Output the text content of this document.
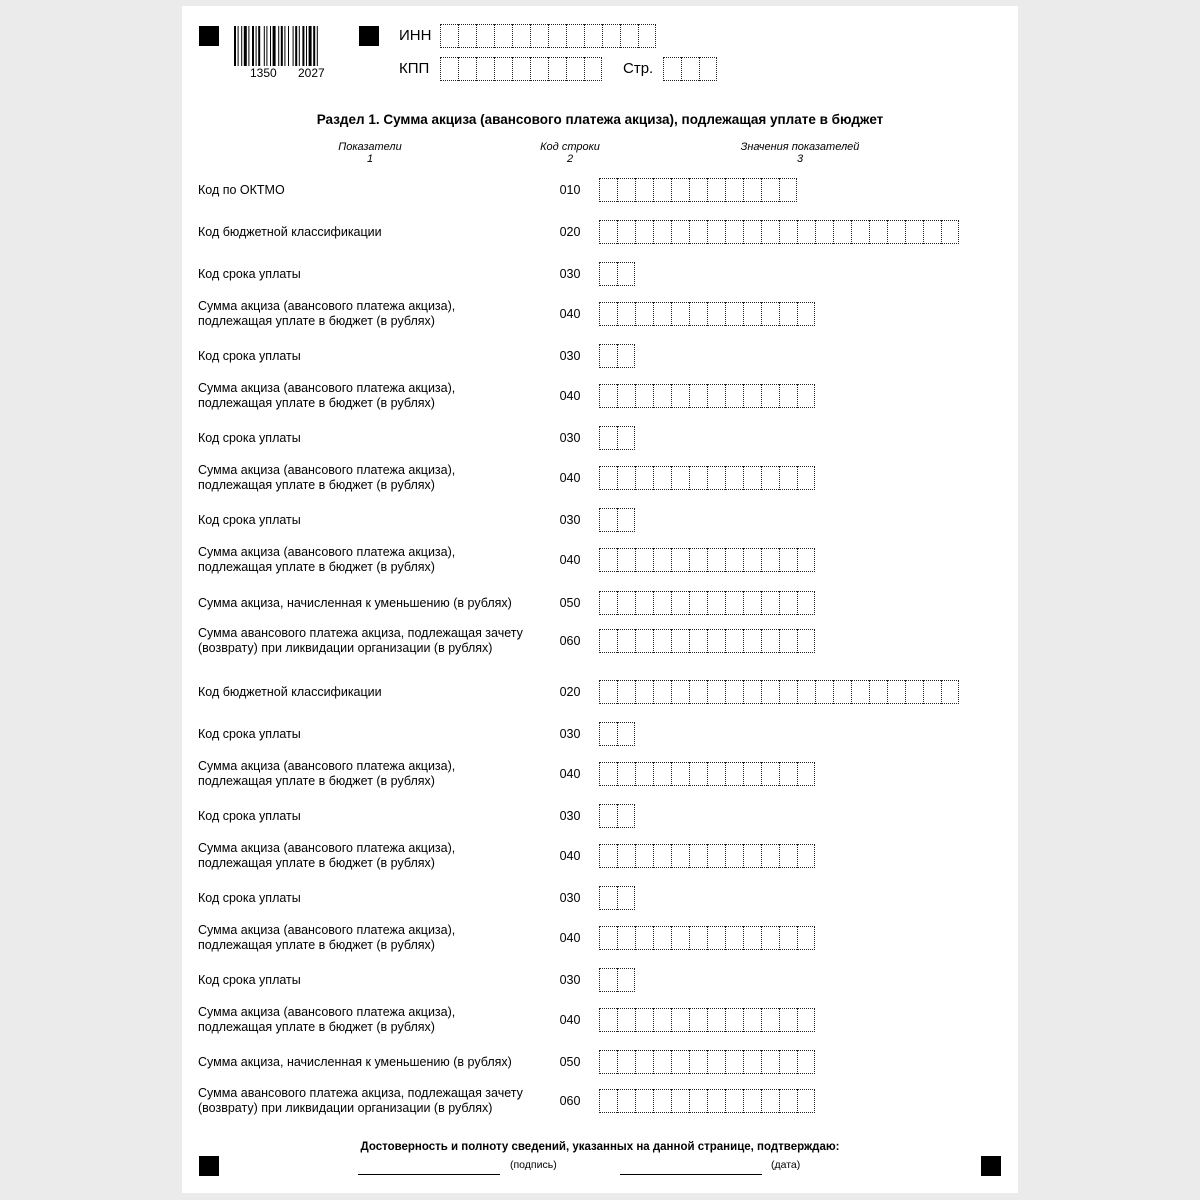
1350 2027
ИНН
КПП	Стр.
Раздел 1. Сумма акциза (авансового платежа акциза), подлежащая уплате в бюджет
Показатели
1
Код строки
2
Значения показателей
3
Код по ОКТМО	010
Код бюджетной классификации	020
Код срока уплаты	030
Сумма акциза (авансового платежа акциза),
подлежащая уплате в бюджет (в рублях)	040
Код срока уплаты	030
Сумма акциза (авансового платежа акциза),
подлежащая уплате в бюджет (в рублях)	040
Код срока уплаты	030
Сумма акциза (авансового платежа акциза),
подлежащая уплате в бюджет (в рублях)	040
Код срока уплаты	030
Сумма акциза (авансового платежа акциза),
подлежащая уплате в бюджет (в рублях)	040
Сумма акциза, начисленная к уменьшению (в рублях)	050
Сумма авансового платежа акциза, подлежащая зачету
(возврату) при ликвидации организации (в рублях)	060
Код бюджетной классификации	020
Код срока уплаты	030
Сумма акциза (авансового платежа акциза),
подлежащая уплате в бюджет (в рублях)	040
Код срока уплаты	030
Сумма акциза (авансового платежа акциза),
подлежащая уплате в бюджет (в рублях)	040
Код срока уплаты	030
Сумма акциза (авансового платежа акциза),
подлежащая уплате в бюджет (в рублях)	040
Код срока уплаты	030
Сумма акциза (авансового платежа акциза),
подлежащая уплате в бюджет (в рублях)	040
Сумма акциза, начисленная к уменьшению (в рублях)	050
Сумма авансового платежа акциза, подлежащая зачету
(возврату) при ликвидации организации (в рублях)	060
Достоверность и полноту сведений, указанных на данной странице, подтверждаю:
(подпись)	(дата)
